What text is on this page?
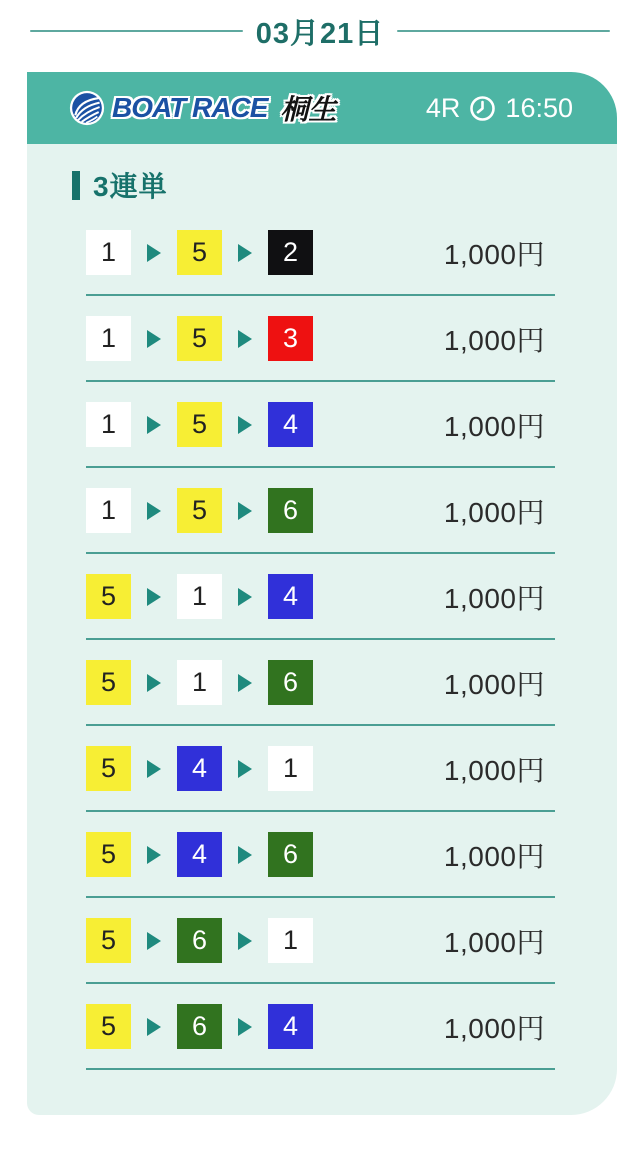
03月21日
BOAT RACE 桐生	4R 16:50
3連単
1	5	2	1,000円
1	5	3	1,000円
1	5	4	1,000円
1	5	6	1,000円
5	1	4	1,000円
5	1	6	1,000円
5	4	1	1,000円
5	4	6	1,000円
5	6	1	1,000円
5	6	4	1,000円
